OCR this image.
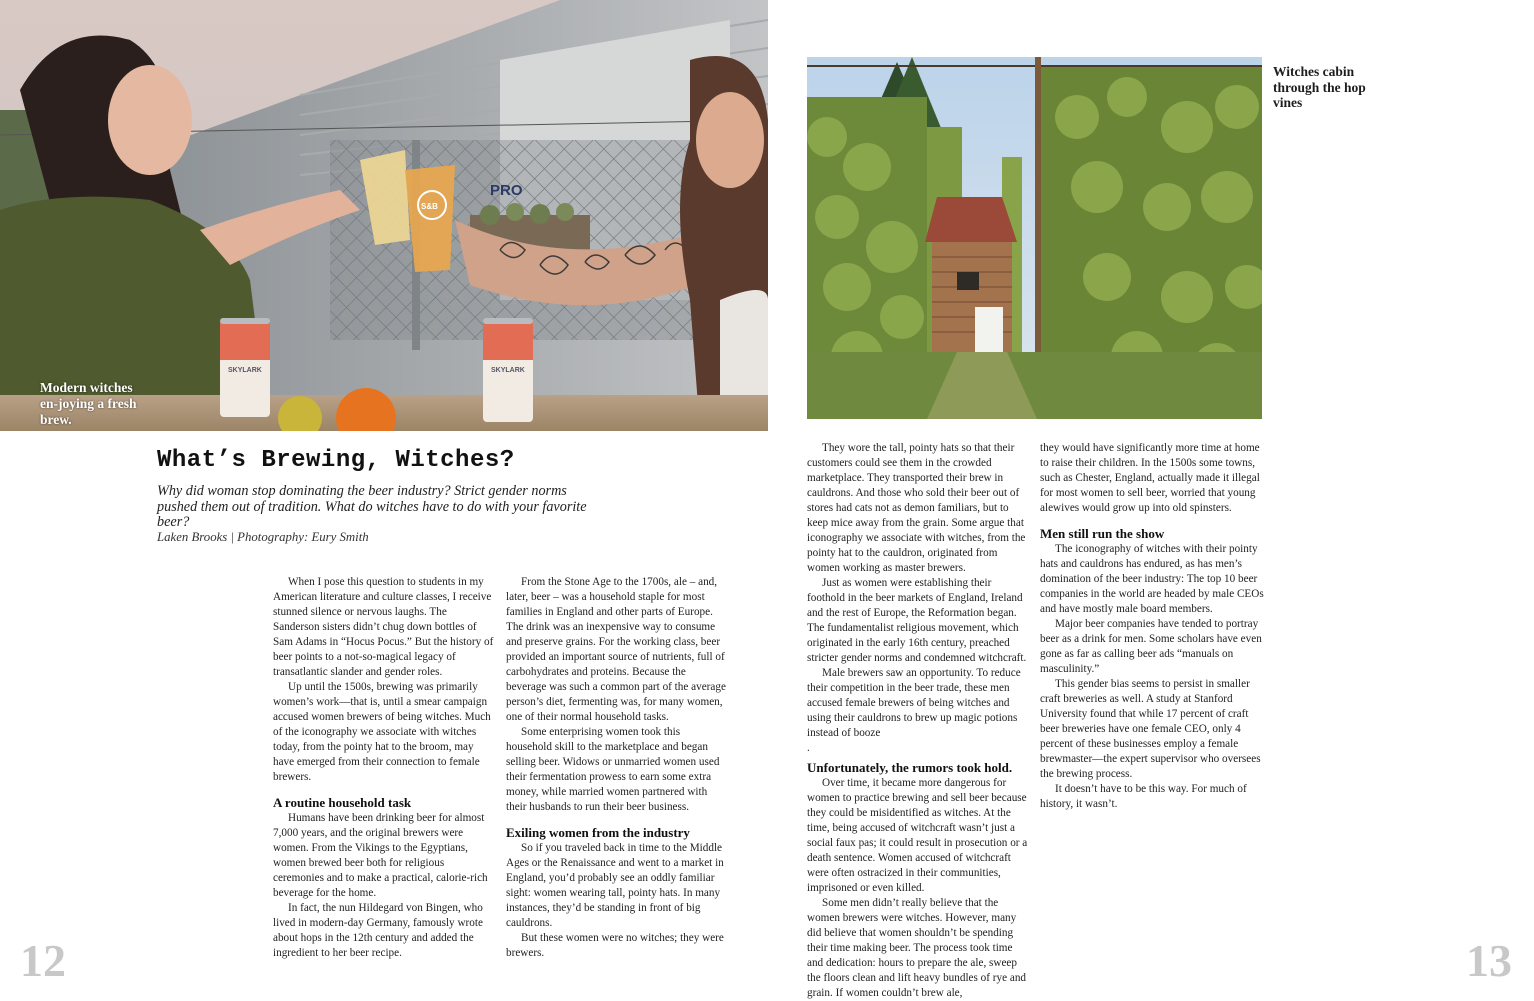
PRO
S&B
SKYLARK	SKYLARK
Modern witches en-joying a fresh brew.
Witches cabin through the hop vines
What’s Brewing, Witches?
Why did woman stop dominating the beer industry? Strict gender norms pushed them out of tradition. What do witches have to do with your favorite beer?
Laken Brooks | Photography: Eury Smith

When I pose this question to students in my American literature and culture classes, I receive stunned silence or nervous laughs. The Sanderson sisters didn’t chug down bottles of Sam Adams in “Hocus Pocus.” But the history of beer points to a not-so-magical legacy of transatlantic slander and gender roles.

Up until the 1500s, brewing was primarily women’s work—that is, until a smear campaign accused women brewers of being witches. Much of the iconography we associate with witches today, from the pointy hat to the broom, may have emerged from their connection to female brewers.

A routine household task

Humans have been drinking beer for almost 7,000 years, and the original brewers were women. From the Vikings to the Egyptians, women brewed beer both for religious ceremonies and to make a practical, calorie-rich beverage for the home.

In fact, the nun Hildegard von Bingen, who lived in modern-day Germany, famously wrote about hops in the 12th century and added the ingredient to her beer recipe.

From the Stone Age to the 1700s, ale – and, later, beer – was a household staple for most families in England and other parts of Europe. The drink was an inexpensive way to consume and preserve grains. For the working class, beer provided an important source of nutrients, full of carbohydrates and proteins. Because the beverage was such a common part of the average person’s diet, fermenting was, for many women, one of their normal household tasks.

Some enterprising women took this household skill to the marketplace and began selling beer. Widows or unmarried women used their fermentation prowess to earn some extra money, while married women partnered with their husbands to run their beer business.

Exiling women from the industry

So if you traveled back in time to the Middle Ages or the Renaissance and went to a market in England, you’d probably see an oddly familiar sight: women wearing tall, pointy hats. In many instances, they’d be standing in front of big cauldrons.

But these women were no witches; they were brewers.

They wore the tall, pointy hats so that their customers could see them in the crowded marketplace. They transported their brew in cauldrons. And those who sold their beer out of stores had cats not as demon familiars, but to keep mice away from the grain. Some argue that iconography we associate with witches, from the pointy hat to the cauldron, originated from women working as master brewers.

Just as women were establishing their foothold in the beer markets of England, Ireland and the rest of Europe, the Reformation began. The fundamentalist religious movement, which originated in the early 16th century, preached stricter gender norms and condemned witchcraft.

Male brewers saw an opportunity. To reduce their competition in the beer trade, these men accused female brewers of being witches and using their cauldrons to brew up magic potions instead of booze

.

Unfortunately, the rumors took hold.

Over time, it became more dangerous for women to practice brewing and sell beer because they could be misidentified as witches. At the time, being accused of witchcraft wasn’t just a social faux pas; it could result in prosecution or a death sentence. Women accused of witchcraft were often ostracized in their communities, imprisoned or even killed.

Some men didn’t really believe that the women brewers were witches. However, many did believe that women shouldn’t be spending their time making beer. The process took time and dedication: hours to prepare the ale, sweep the floors clean and lift heavy bundles of rye and grain. If women couldn’t brew ale,

they would have significantly more time at home to raise their children. In the 1500s some towns, such as Chester, England, actually made it illegal for most women to sell beer, worried that young alewives would grow up into old spinsters.

Men still run the show

The iconography of witches with their pointy hats and cauldrons has endured, as has men’s domination of the beer industry: The top 10 beer companies in the world are headed by male CEOs and have mostly male board members.

Major beer companies have tended to portray beer as a drink for men. Some scholars have even gone as far as calling beer ads “manuals on masculinity.”

This gender bias seems to persist in smaller craft breweries as well. A study at Stanford University found that while 17 percent of craft beer breweries have one female CEO, only 4 percent of these businesses employ a female brewmaster—the expert supervisor who oversees the brewing process.

It doesn’t have to be this way. For much of history, it wasn’t.

12	13
